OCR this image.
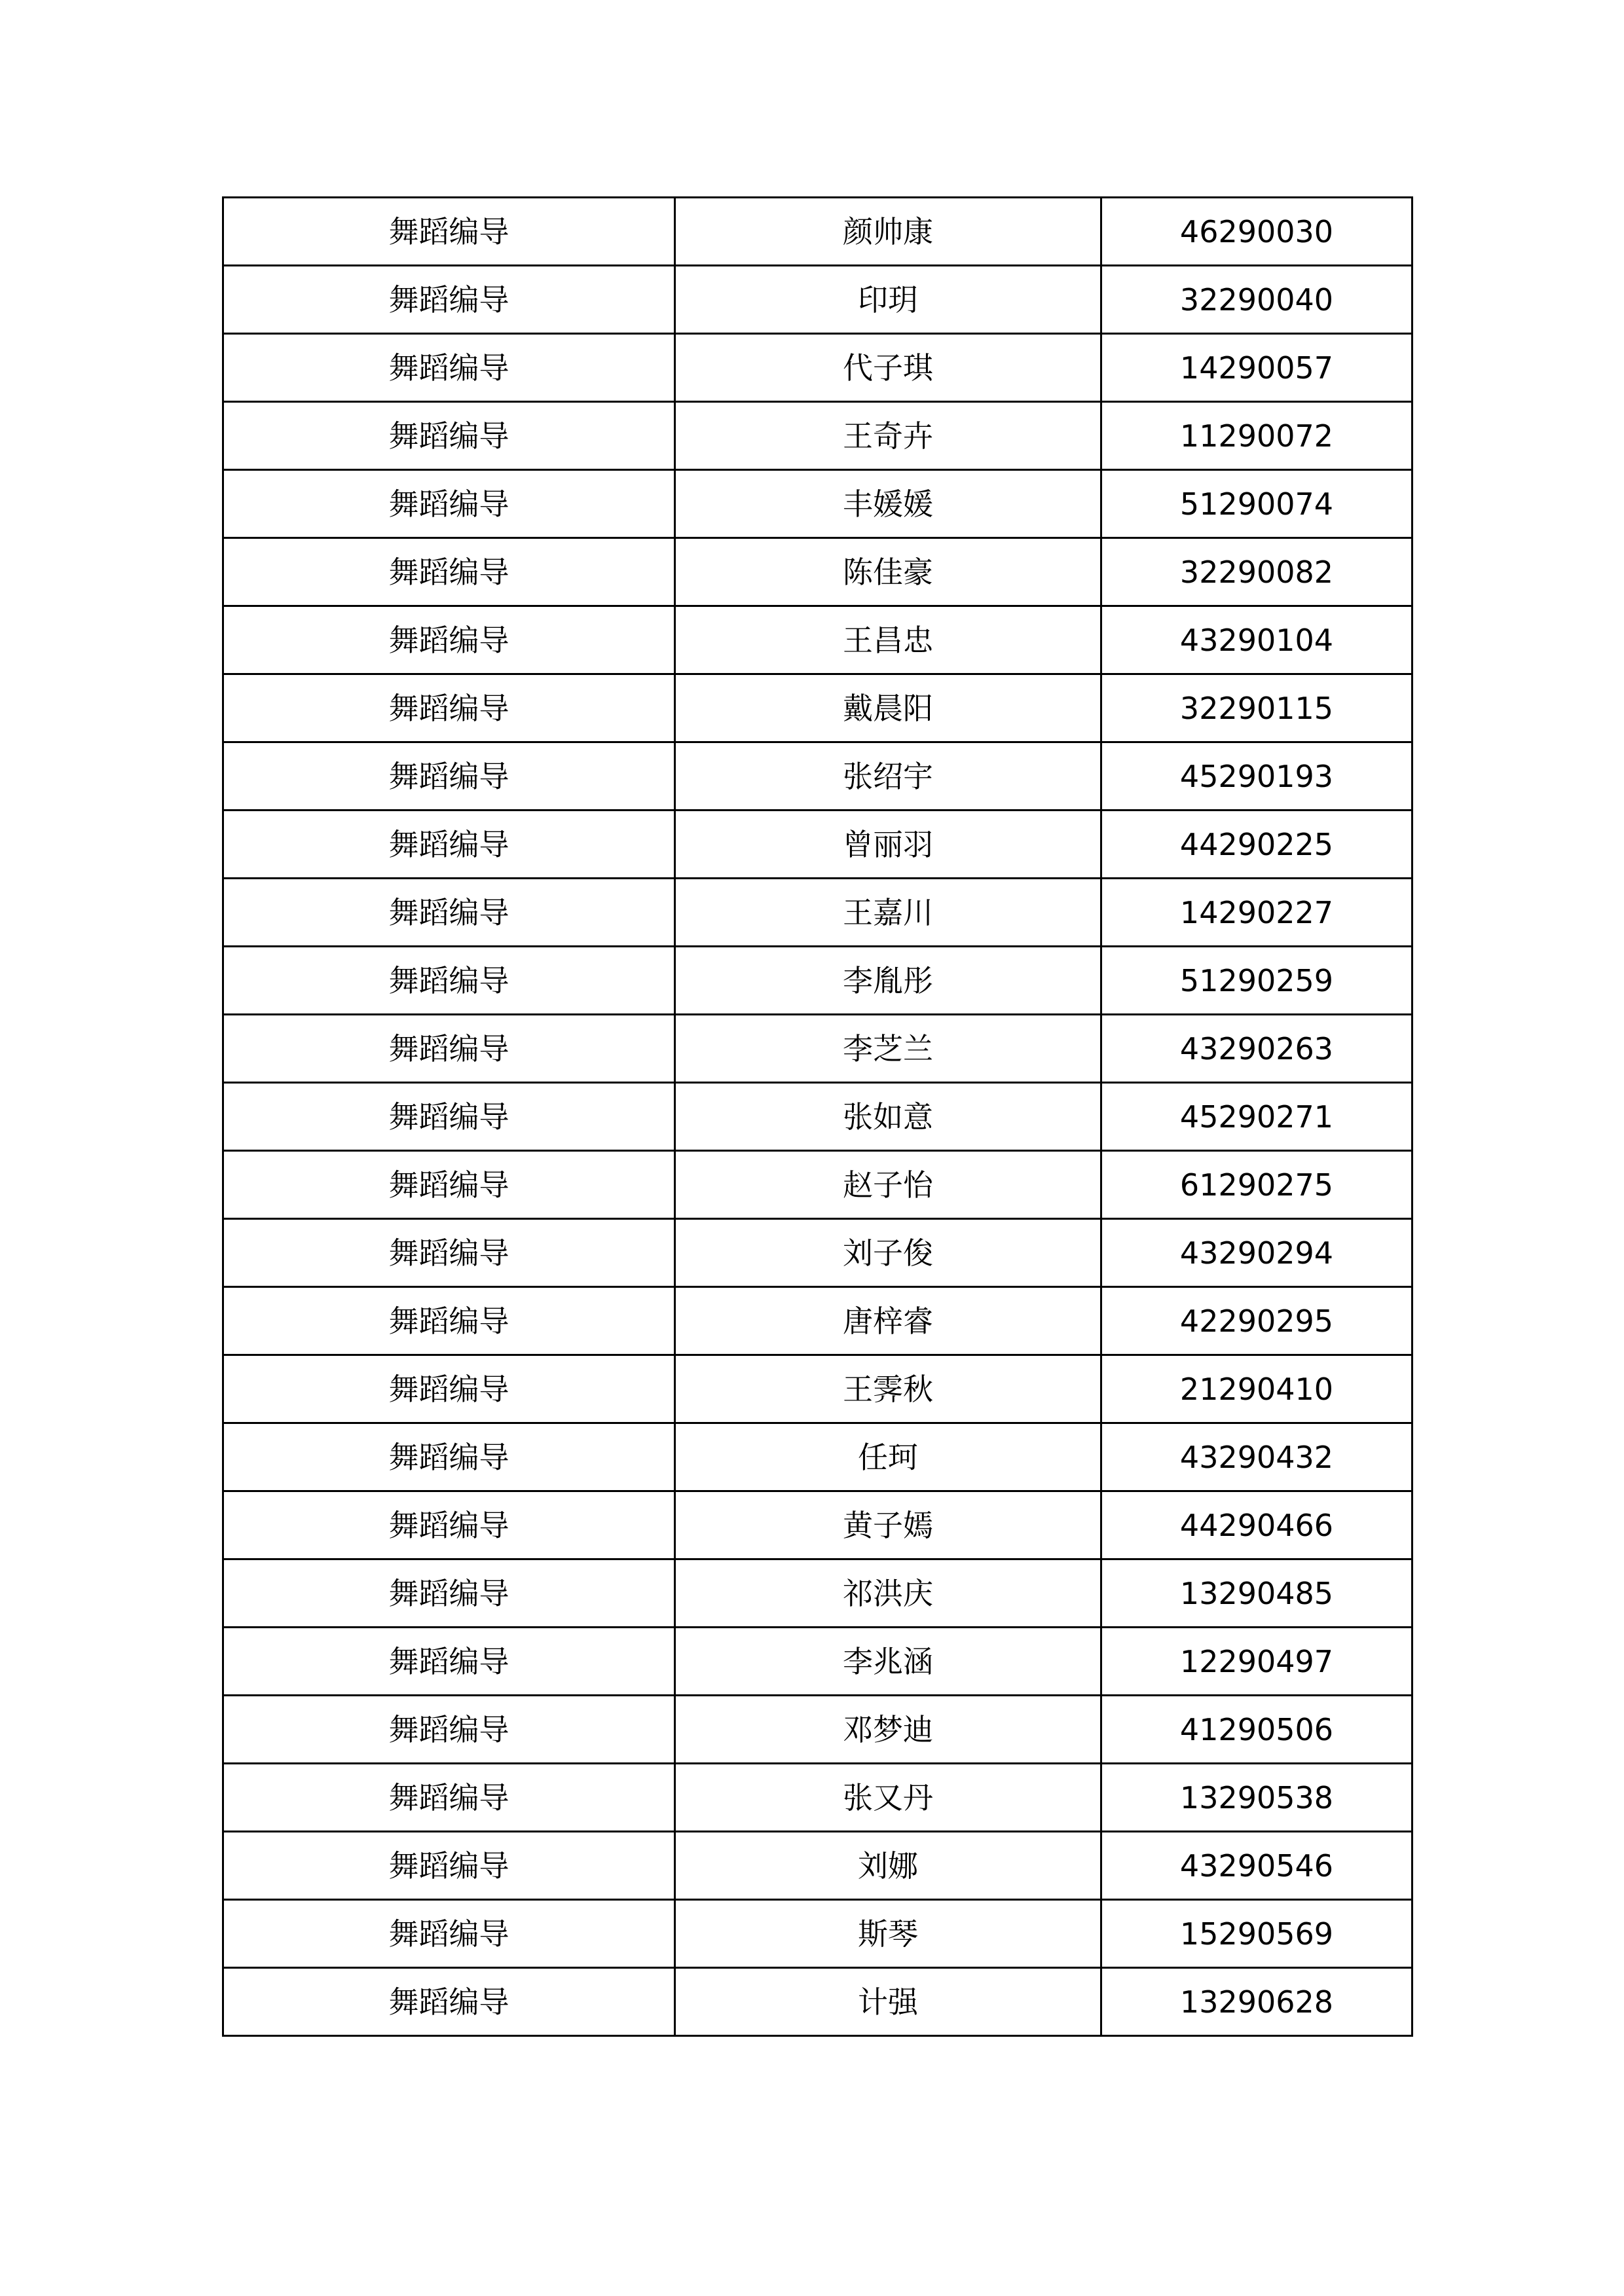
舞蹈编导	颜帅康	46290030
舞蹈编导	印玥	32290040
舞蹈编导	代子琪	14290057
舞蹈编导	王奇卉	11290072
舞蹈编导	丰媛媛	51290074
舞蹈编导	陈佳豪	32290082
舞蹈编导	王昌忠	43290104
舞蹈编导	戴晨阳	32290115
舞蹈编导	张绍宇	45290193
舞蹈编导	曾丽羽	44290225
舞蹈编导	王嘉川	14290227
舞蹈编导	李胤彤	51290259
舞蹈编导	李芝兰	43290263
舞蹈编导	张如意	45290271
舞蹈编导	赵子怡	61290275
舞蹈编导	刘子俊	43290294
舞蹈编导	唐梓睿	42290295
舞蹈编导	王霁秋	21290410
舞蹈编导	任珂	43290432
舞蹈编导	黄子嫣	44290466
舞蹈编导	祁洪庆	13290485
舞蹈编导	李兆涵	12290497
舞蹈编导	邓梦迪	41290506
舞蹈编导	张又丹	13290538
舞蹈编导	刘娜	43290546
舞蹈编导	斯琴	15290569
舞蹈编导	计强	13290628
